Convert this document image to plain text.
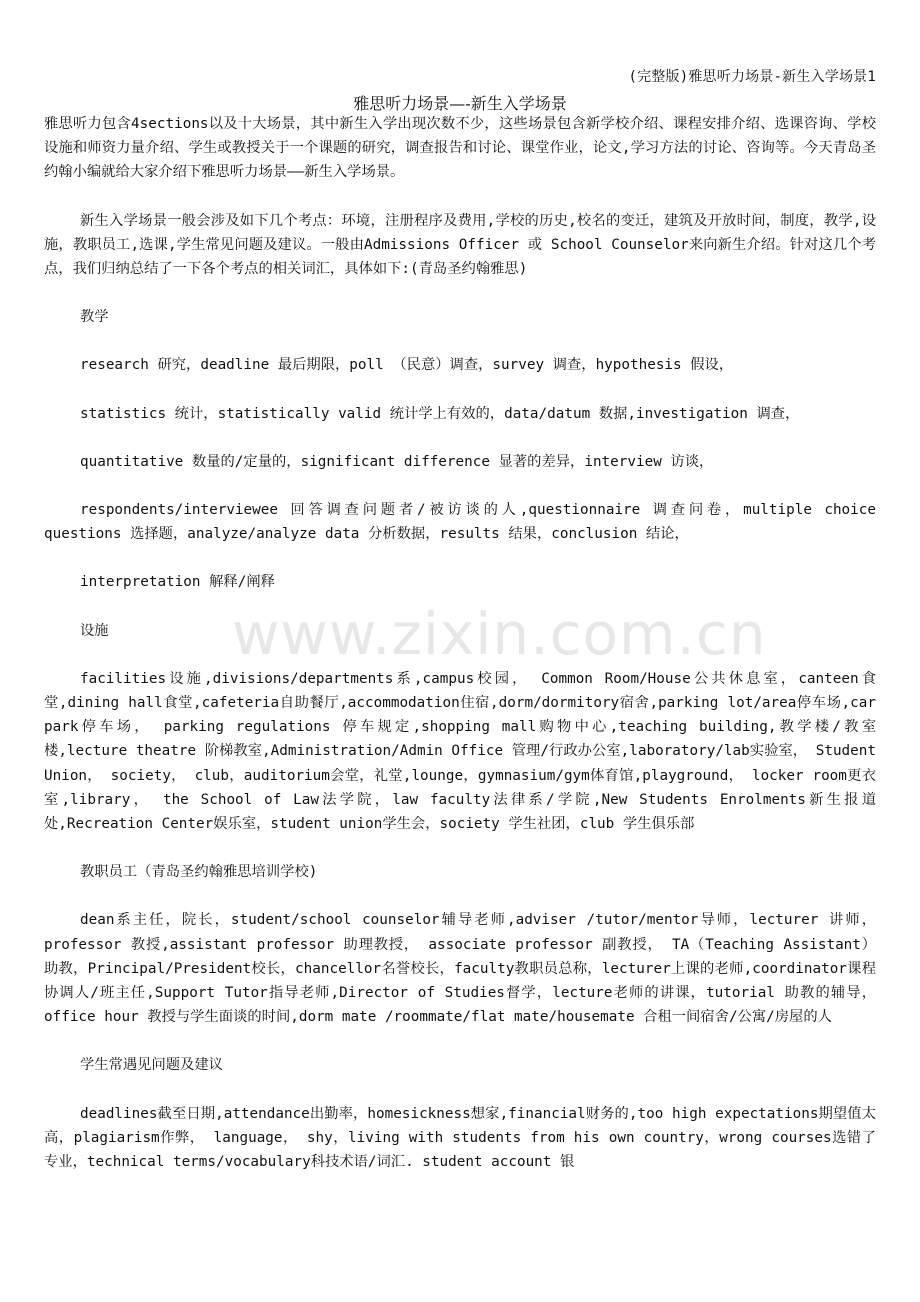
(完整版)雅思听力场景-新生入学场景1
雅思听力场景—-新生入学场景

雅思听力包含4sections以及十大场景，其中新生入学出现次数不少，这些场景包含新学校介绍、课程安排介绍、选课咨询、学校设施和师资力量介绍、学生或教授关于一个课题的研究，调查报告和讨论、课堂作业，论文,学习方法的讨论、咨询等。今天青岛圣约翰小编就给大家介绍下雅思听力场景——新生入学场景。

新生入学场景一般会涉及如下几个考点：环境，注册程序及费用,学校的历史,校名的变迁，建筑及开放时间，制度，教学,设施，教职员工,选课,学生常见问题及建议。一般由Admissions Officer 或 School Counselor来向新生介绍。针对这几个考点，我们归纳总结了一下各个考点的相关词汇，具体如下:(青岛圣约翰雅思)

教学

research 研究，deadline 最后期限，poll （民意）调查，survey 调查，hypothesis 假设，

statistics 统计，statistically valid 统计学上有效的，data/datum 数据,investigation 调查，

quantitative 数量的/定量的，significant difference 显著的差异，interview 访谈，

respondents/interviewee 回答调查问题者/被访谈的人,questionnaire 调查问卷，multiple choice questions 选择题，analyze/analyze data 分析数据，results 结果，conclusion 结论，

interpretation 解释/阐释

设施

facilities设施,divisions/departments系,campus校园， Common Room/House公共休息室，canteen食堂,dining hall食堂,cafeteria自助餐厅,accommodation住宿,dorm/dormitory宿舍,parking lot/area停车场,car park停车场， parking regulations 停车规定,shopping mall购物中心,teaching building,教学楼/教室楼,lecture theatre 阶梯教室,Administration/Admin Office 管理/行政办公室,laboratory/lab实验室， Student Union， society， club，auditorium会堂，礼堂,lounge，gymnasium/gym体育馆,playground， locker room更衣室,library， the School of Law法学院，law faculty法律系/学院,New Students Enrolments新生报道处,Recreation Center娱乐室，student union学生会，society 学生社团，club 学生俱乐部

教职员工（青岛圣约翰雅思培训学校)

dean系主任，院长，student/school counselor辅导老师,adviser /tutor/mentor导师，lecturer 讲师， professor 教授,assistant professor 助理教授， associate professor 副教授， TA（Teaching Assistant） 助教，Principal/President校长，chancellor名誉校长，faculty教职员总称，lecturer上课的老师,coordinator课程协调人/班主任,Support Tutor指导老师,Director of Studies督学，lecture老师的讲课，tutorial 助教的辅导，office hour 教授与学生面谈的时间,dorm mate /roommate/flat mate/housemate 合租一间宿舍/公寓/房屋的人

学生常遇见问题及建议

deadlines截至日期,attendance出勤率，homesickness想家,financial财务的,too high expectations期望值太高，plagiarism作弊， language， shy，living with students from his own country，wrong courses选错了专业，technical terms/vocabulary科技术语/词汇. student account 银

www.zixin.com.cn
